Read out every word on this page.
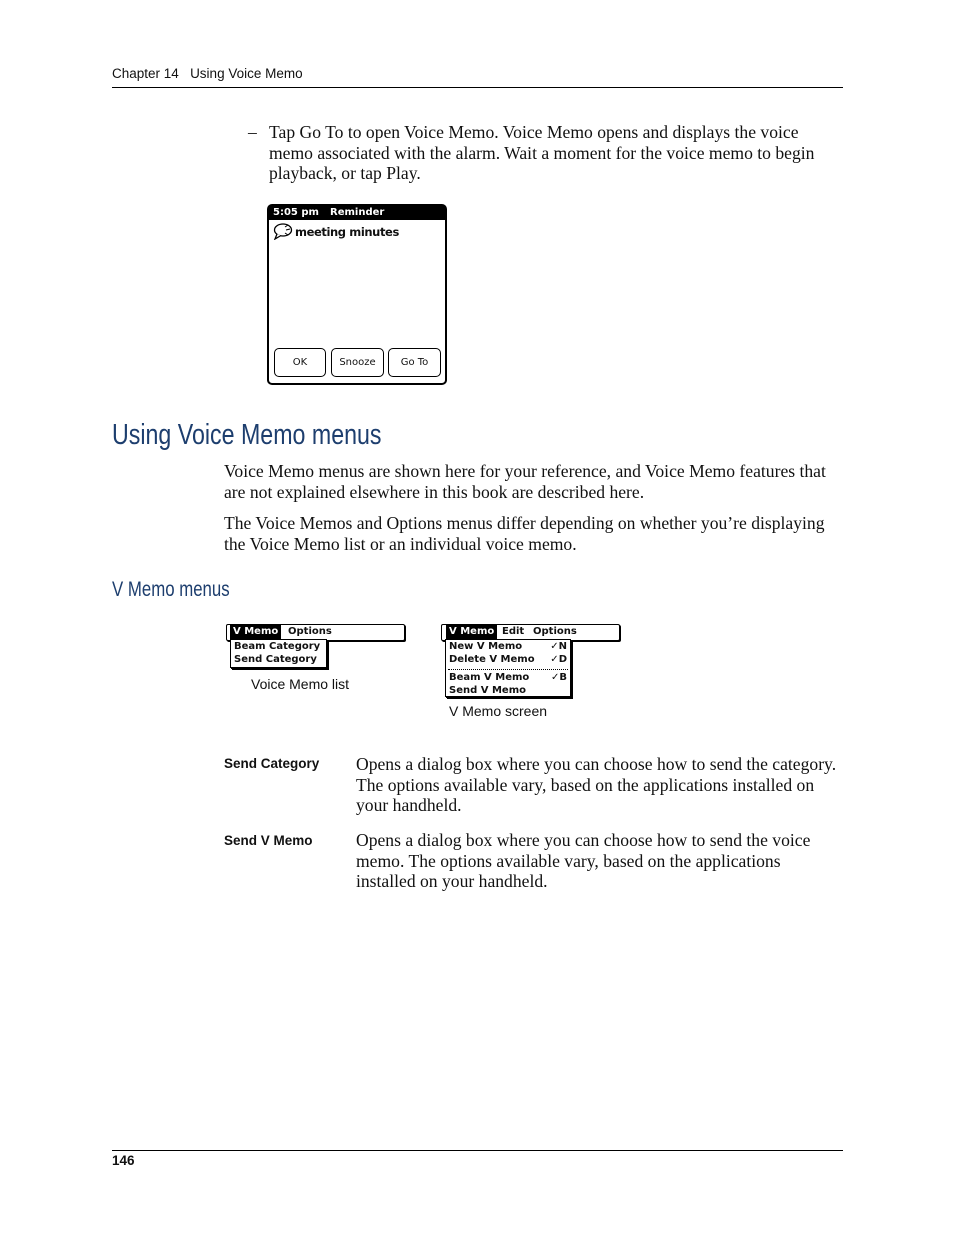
Chapter 14 Using Voice Memo
– Tap Go To to open Voice Memo. Voice Memo opens and displays the voice memo associated with the alarm. Wait a moment for the voice memo to begin playback, or tap Play.
5:05 pm Reminder
meeting minutes
OK	Snooze	Go To
Using Voice Memo menus
Voice Memo menus are shown here for your reference, and Voice Memo features that are not explained elsewhere in this book are described here.
The Voice Memos and Options menus differ depending on whether you’re displaying the Voice Memo list or an individual voice memo.
V Memo menus
V Memo Options
Beam Category
Send Category
Voice Memo list
V Memo Edit Options
New V Memo	✓N
Delete V Memo ✓D
Beam V Memo ✓B
Send V Memo
V Memo screen
Send Category Opens a dialog box where you can choose how to send the category. The options available vary, based on the applications installed on your handheld.
Send V Memo Opens a dialog box where you can choose how to send the voice memo. The options available vary, based on the applications installed on your handheld.
146
